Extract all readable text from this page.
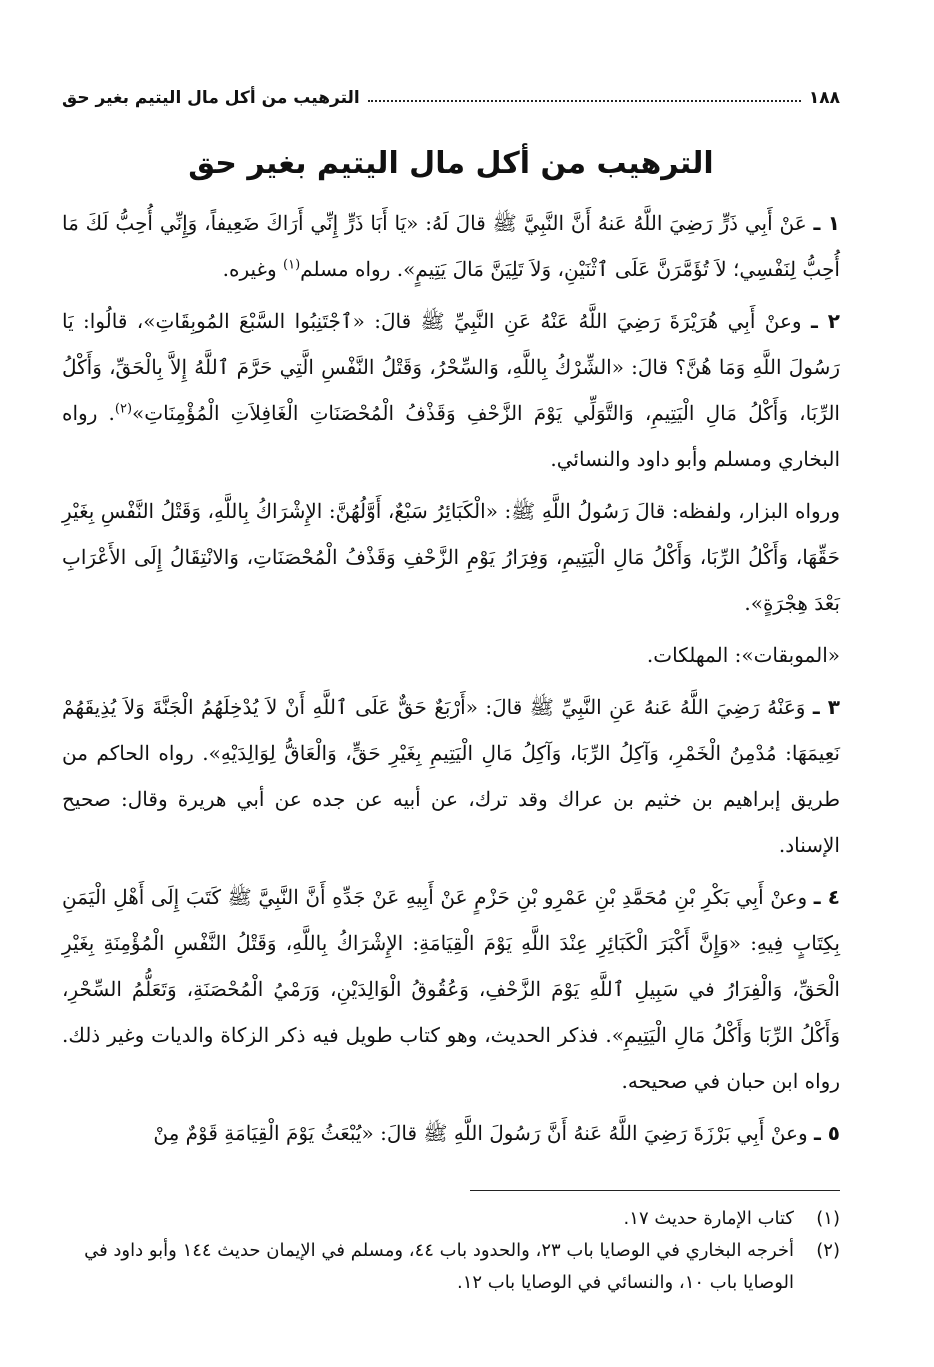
١٨٨
الترهيب من أكل مال اليتيم بغير حق
الترهيب من أكل مال اليتيم بغير حق

١ ـ عَنْ أَبِي ذَرٍّ رَضِيَ اللَّهُ عَنهُ أَنَّ النَّبِيَّ ﷺ قالَ لَهُ: «يَا أَبَا ذَرٍّ إِنِّي أَرَاكَ ضَعِيفاً، وَإِنِّي أُحِبُّ لَكَ مَا أُحِبُّ لِنَفْسِي؛ لاَ تُؤَمَّرَنَّ عَلَى ٱثْنَيْنِ، وَلاَ تَلِيَنَّ مَالَ يَتِيمٍ». رواه مسلم$^{(١)}$ وغيره.

٢ ـ وعنْ أَبِي هُرَيْرَةَ رَضِيَ اللَّهُ عَنْهُ عَنِ النَّبِيِّ ﷺ قالَ: «ٱجْتَنِبُوا السَّبْعَ المُوبِقَاتِ»، قالُوا: يَا رَسُولَ اللَّهِ وَمَا هُنَّ؟ قالَ: «الشِّرْكُ بِاللَّهِ، وَالسِّحْرُ، وَقَتْلُ النَّفْسِ الَّتِي حَرَّمَ ٱللَّهُ إِلاَّ بِالْحَقِّ، وَأَكْلُ الرِّبَا، وَأَكْلُ مَالِ الْيَتِيمِ، وَالتَّوَلِّي يَوْمَ الزَّحْفِ وَقَذْفُ الْمُحْصَنَاتِ الْغَافِلاَتِ الْمُؤْمِنَاتِ»$^{(٢)}$. رواه البخاري ومسلم وأبو داود والنسائي.

ورواه البزار، ولفظه: قالَ رَسُولُ اللَّهِ ﷺ: «الْكَبَائِرُ سَبْعٌ، أَوَّلُهُنَّ: الإِشْرَاكُ بِاللَّهِ، وَقَتْلُ النَّفْسِ بِغَيْرِ حَقِّهَا، وَأَكْلُ الرِّبَا، وَأَكْلُ مَالِ الْيَتِيمِ، وَفِرَارُ يَوْمِ الزَّحْفِ وَقَذْفُ الْمُحْصَنَاتِ، وَالانْتِقَالُ إِلَى الأَعْرَابِ بَعْدَ هِجْرَةٍ».

«الموبقات»: المهلكات.

٣ ـ وَعَنْهُ رَضِيَ اللَّهُ عَنهُ عَنِ النَّبِيِّ ﷺ قالَ: «أَرْبَعٌ حَقٌّ عَلَى ٱللَّهِ أَنْ لاَ يُدْخِلَهُمُ الْجَنَّةَ وَلاَ يُذِيقَهُمْ نَعِيمَهَا: مُدْمِنُ الْخَمْرِ، وَآكِلُ الرِّبَا، وَآكِلُ مَالِ الْيَتِيمِ بِغَيْرِ حَقٍّ، وَالْعَاقُّ لِوَالِدَيْهِ». رواه الحاكم من طريق إبراهيم بن خثيم بن عراك وقد ترك، عن أبيه عن جده عن أبي هريرة وقال: صحيح الإسناد.

٤ ـ وعنْ أَبِي بَكْرِ بْنِ مُحَمَّدِ بْنِ عَمْرِو بْنِ حَزْمٍ عَنْ أَبِيهِ عَنْ جَدِّهِ أَنَّ النَّبِيَّ ﷺ كَتَبَ إِلَى أَهْلِ الْيَمَنِ بِكِتَابٍ فِيهِ: «وَإِنَّ أَكْبَرَ الْكَبَائِرِ عِنْدَ اللَّهِ يَوْمَ الْقِيَامَةِ: الإِشْرَاكُ بِاللَّهِ، وَقَتْلُ النَّفْسِ الْمُؤْمِنَةِ بِغَيْرِ الْحَقِّ، وَالْفِرَارُ في سَبِيلِ ٱللَّهِ يَوْمَ الزَّحْفِ، وَعُقُوقُ الْوَالِدَيْنِ، وَرَمْيُ الْمُحْصَنَةِ، وَتَعَلُّمُ السِّحْرِ، وَأَكْلُ الرِّبَا وَأَكْلُ مَالِ الْيَتِيمِ». فذكر الحديث، وهو كتاب طويل فيه ذكر الزكاة والديات وغير ذلك. رواه ابن حبان في صحيحه.

٥ ـ وعنْ أَبِي بَرْزَةَ رَضِيَ اللَّهُ عَنهُ أَنَّ رَسُولَ اللَّهِ ﷺ قالَ: «يُبْعَثُ يَوْمَ الْقِيَامَةِ قَوْمٌ مِنْ

(١)
كتاب الإمارة حديث ١٧.
(٢)
أخرجه البخاري في الوصايا باب ٢٣، والحدود باب ٤٤، ومسلم في الإيمان حديث ١٤٤ وأبو داود في الوصايا باب ١٠، والنسائي في الوصايا باب ١٢.
